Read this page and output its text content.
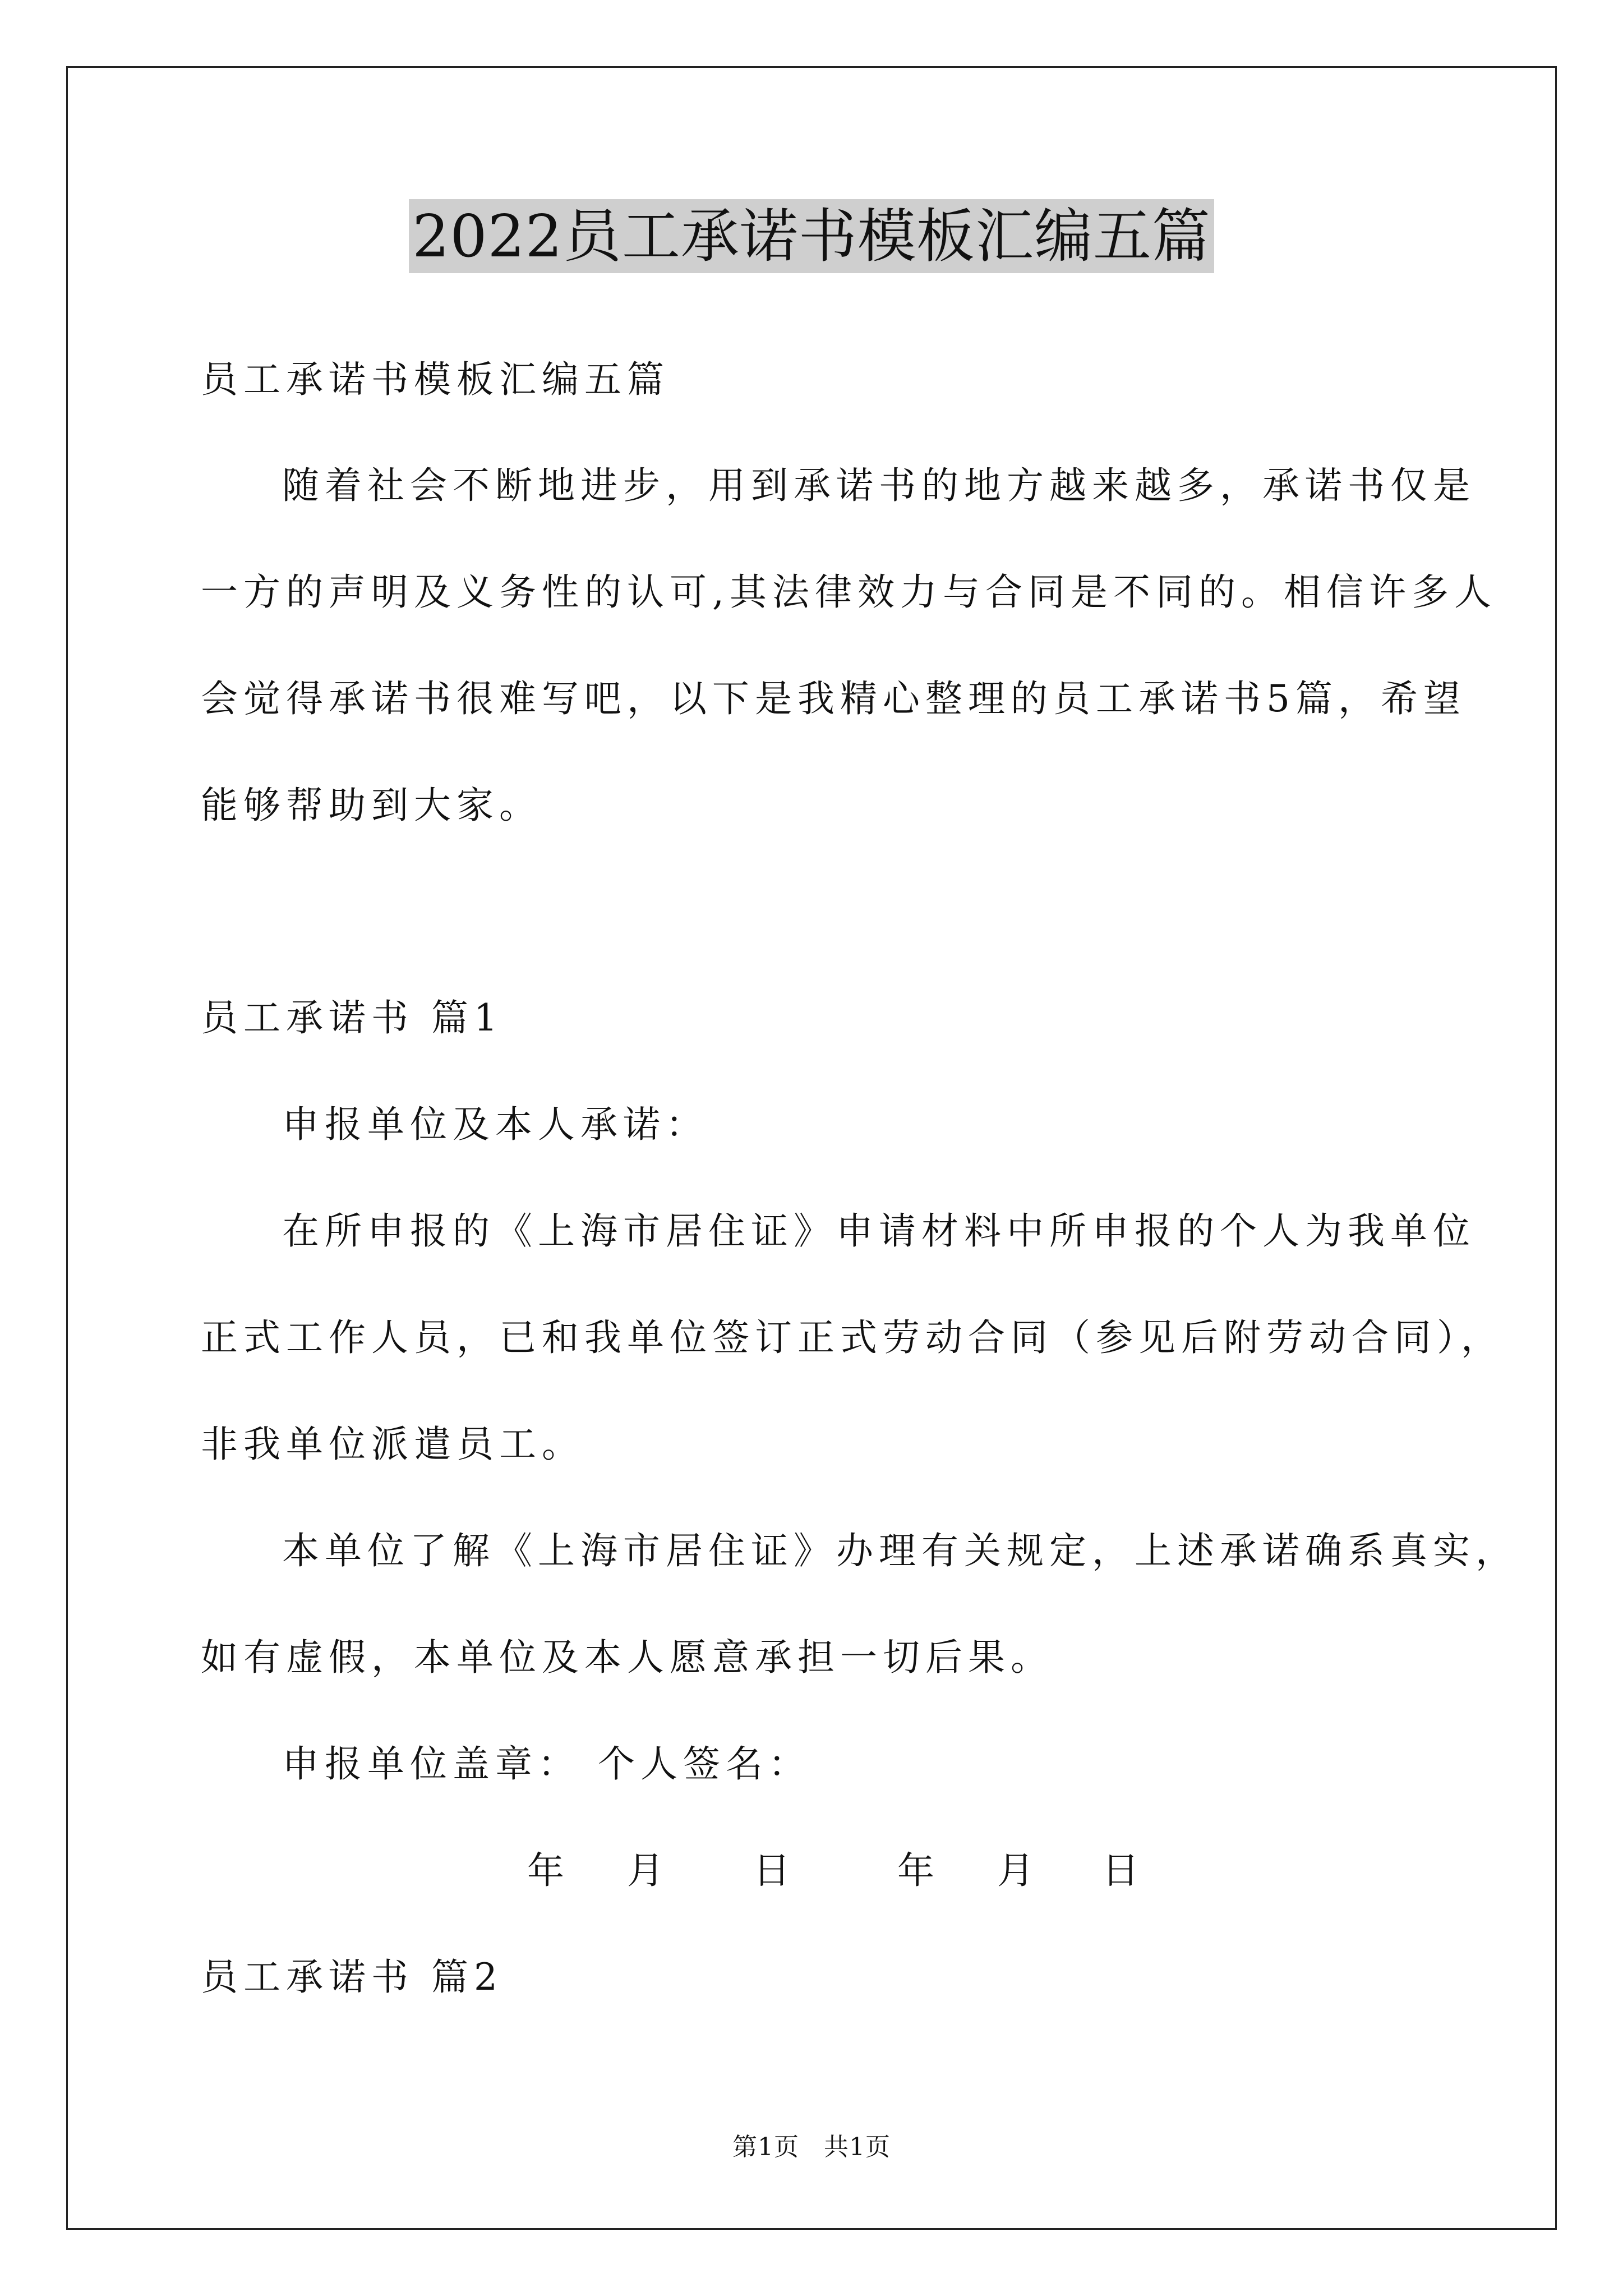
2022员工承诺书模板汇编五篇
员工承诺书模板汇编五篇
随着社会不断地进步，用到承诺书的地方越来越多，承诺书仅是
一方的声明及义务性的认可,其法律效力与合同是不同的。相信许多人
会觉得承诺书很难写吧，以下是我精心整理的员工承诺书5篇，希望
能够帮助到大家。
员工承诺书 篇1
申报单位及本人承诺：
在所申报的《上海市居住证》申请材料中所申报的个人为我单位
正式工作人员，已和我单位签订正式劳动合同（参见后附劳动合同），
非我单位派遣员工。
本单位了解《上海市居住证》办理有关规定，上述承诺确系真实，
如有虚假，本单位及本人愿意承担一切后果。
申报单位盖章： 个人签名：
年 月 日	年 月 日
员工承诺书 篇2
第1页 共1页
